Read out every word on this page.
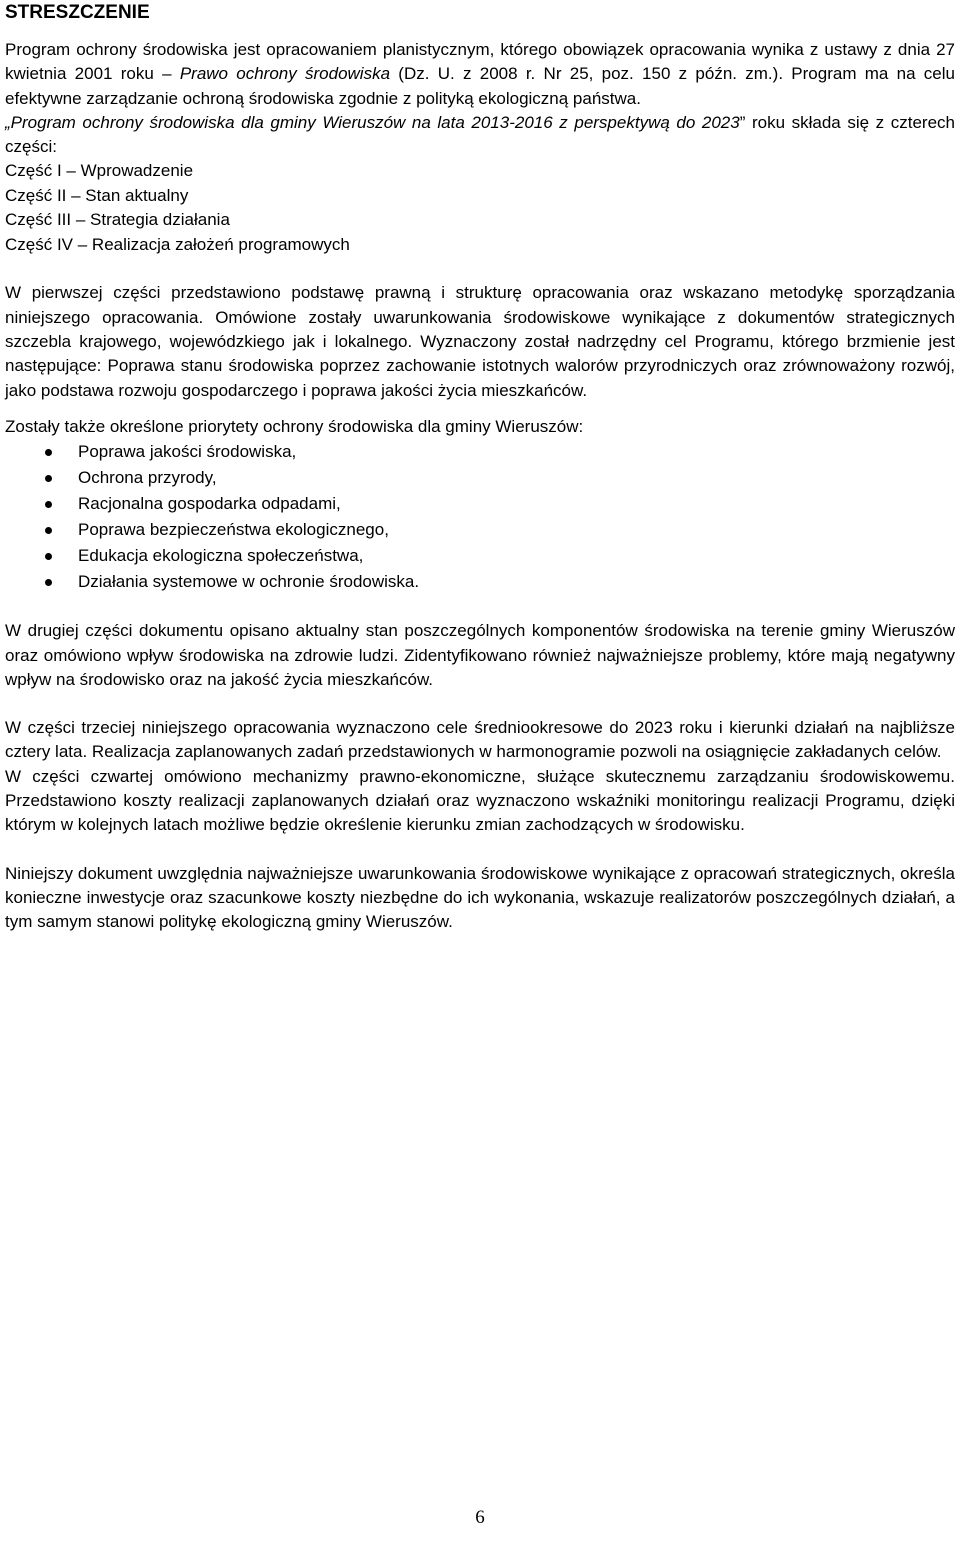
STRESZCZENIE

Program ochrony środowiska jest opracowaniem planistycznym, którego obowiązek opracowania wynika z ustawy z dnia 27 kwietnia 2001 roku – Prawo ochrony środowiska (Dz. U. z 2008 r. Nr 25, poz. 150 z późn. zm.). Program ma na celu efektywne zarządzanie ochroną środowiska zgodnie z polityką ekologiczną państwa.

„Program ochrony środowiska dla gminy Wieruszów na lata 2013-2016 z perspektywą do 2023” roku składa się z czterech części:

Część I – Wprowadzenie
Część II – Stan aktualny
Część III – Strategia działania
Część IV – Realizacja założeń programowych

W pierwszej części przedstawiono podstawę prawną i strukturę opracowania oraz wskazano metodykę sporządzania niniejszego opracowania. Omówione zostały uwarunkowania środowiskowe wynikające z dokumentów strategicznych szczebla krajowego, wojewódzkiego jak i lokalnego. Wyznaczony został nadrzędny cel Programu, którego brzmienie jest następujące: Poprawa stanu środowiska poprzez zachowanie istotnych walorów przyrodniczych oraz zrównoważony rozwój, jako podstawa rozwoju gospodarczego i poprawa jakości życia mieszkańców.

Zostały także określone priorytety ochrony środowiska dla gminy Wieruszów:

Poprawa jakości środowiska,
Ochrona przyrody,
Racjonalna gospodarka odpadami,
Poprawa bezpieczeństwa ekologicznego,
Edukacja ekologiczna społeczeństwa,
Działania systemowe w ochronie środowiska.

W drugiej części dokumentu opisano aktualny stan poszczególnych komponentów środowiska na terenie gminy Wieruszów oraz omówiono wpływ środowiska na zdrowie ludzi. Zidentyfikowano również najważniejsze problemy, które mają negatywny wpływ na środowisko oraz na jakość życia mieszkańców.

W części trzeciej niniejszego opracowania wyznaczono cele średniookresowe do 2023 roku i kierunki działań na najbliższe cztery lata. Realizacja zaplanowanych zadań przedstawionych w harmonogramie pozwoli na osiągnięcie zakładanych celów.

W części czwartej omówiono mechanizmy prawno-ekonomiczne, służące skutecznemu zarządzaniu środowiskowemu. Przedstawiono koszty realizacji zaplanowanych działań oraz wyznaczono wskaźniki monitoringu realizacji Programu, dzięki którym w kolejnych latach możliwe będzie określenie kierunku zmian zachodzących w środowisku.

Niniejszy dokument uwzględnia najważniejsze uwarunkowania środowiskowe wynikające z opracowań strategicznych, określa konieczne inwestycje oraz szacunkowe koszty niezbędne do ich wykonania, wskazuje realizatorów poszczególnych działań, a tym samym stanowi politykę ekologiczną gminy Wieruszów.

6
